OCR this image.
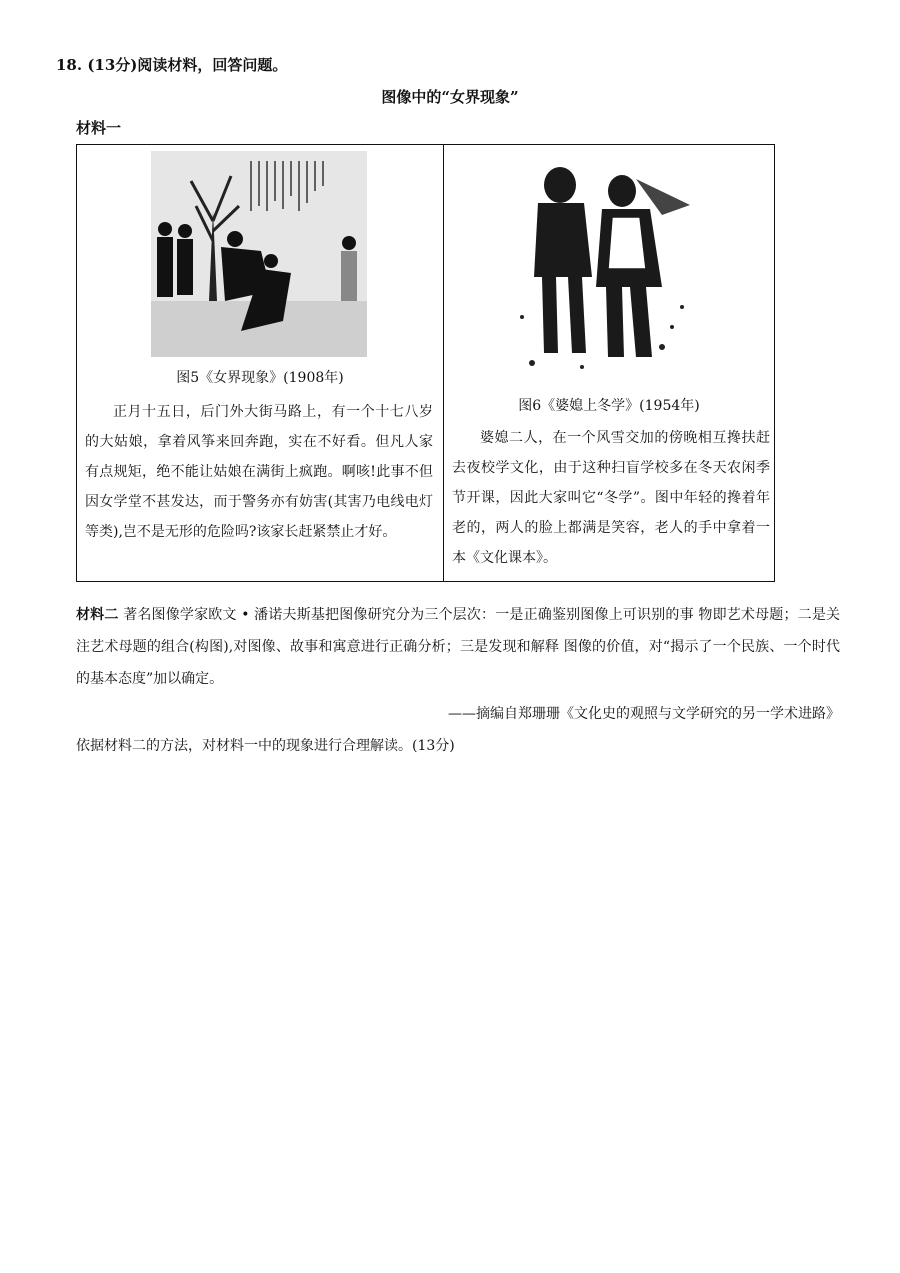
18. (13分)阅读材料，回答问题。
图像中的“女界现象”
材料一
图5《女界现象》(1908年)
正月十五日，后门外大街马路上，有一个十七八岁的大姑娘，拿着风筝来回奔跑，实在不好看。但凡人家有点规矩，绝不能让姑娘在满街上疯跑。啊咳!此事不但因女学堂不甚发达，而于警务亦有妨害(其害乃电线电灯等类),岂不是无形的危险吗?该家长赶紧禁止才好。
图6《婆媳上冬学》(1954年)
婆媳二人，在一个风雪交加的傍晚相互搀扶赶去夜校学文化，由于这种扫盲学校多在冬天农闲季节开课，因此大家叫它“冬学”。图中年轻的搀着年老的，两人的脸上都满是笑容，老人的手中拿着一本《文化课本》。
材料二 著名图像学家欧文 • 潘诺夫斯基把图像研究分为三个层次：一是正确鉴别图像上可识别的事 物即艺术母题；二是关注艺术母题的组合(构图),对图像、故事和寓意进行正确分析；三是发现和解释 图像的价值，对“揭示了一个民族、一个时代的基本态度”加以确定。
——摘编自郑珊珊《文化史的观照与文学研究的另一学术进路》
依据材料二的方法，对材料一中的现象进行合理解读。(13分)
